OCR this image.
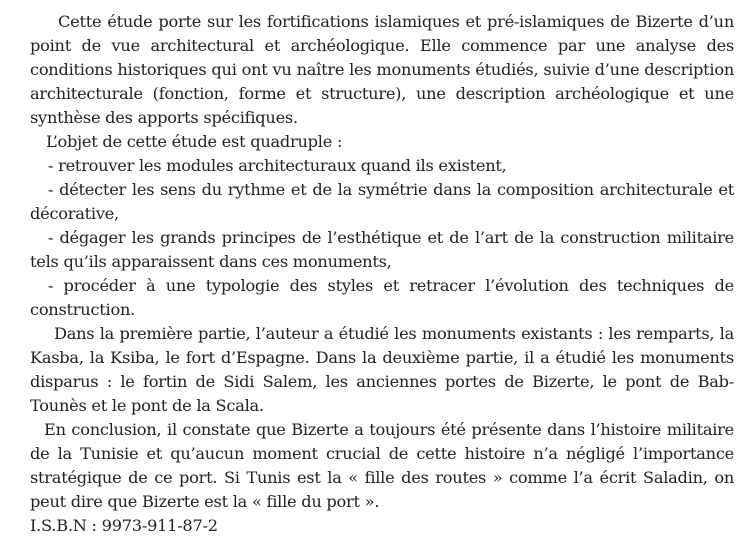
Cette étude porte sur les fortifications islamiques et pré-islamiques de Bizerte d’un point de vue architectural et archéologique. Elle commence par une analyse des conditions historiques qui ont vu naître les monuments étudiés, suivie d’une description architecturale (fonction, forme et structure), une description archéologique et une synthèse des apports spécifiques.

L’objet de cette étude est quadruple :

- retrouver les modules architecturaux quand ils existent,

- détecter les sens du rythme et de la symétrie dans la composition architecturale et décorative,

- dégager les grands principes de l’esthétique et de l’art de la construction militaire tels qu’ils apparaissent dans ces monuments,

- procéder à une typologie des styles et retracer l’évolution des techniques de construction.

Dans la première partie, l’auteur a étudié les monuments existants : les remparts, la Kasba, la Ksiba, le fort d’Espagne. Dans la deuxième partie, il a étudié les monuments disparus : le fortin de Sidi Salem, les anciennes portes de Bizerte, le pont de Bab-Tounès et le pont de la Scala.

En conclusion, il constate que Bizerte a toujours été présente dans l’histoire militaire de la Tunisie et qu’aucun moment crucial de cette histoire n’a négligé l’importance stratégique de ce port. Si Tunis est la « fille des routes » comme l’a écrit Saladin, on peut dire que Bizerte est la « fille du port ».

I.S.B.N : 9973-911-87-2
